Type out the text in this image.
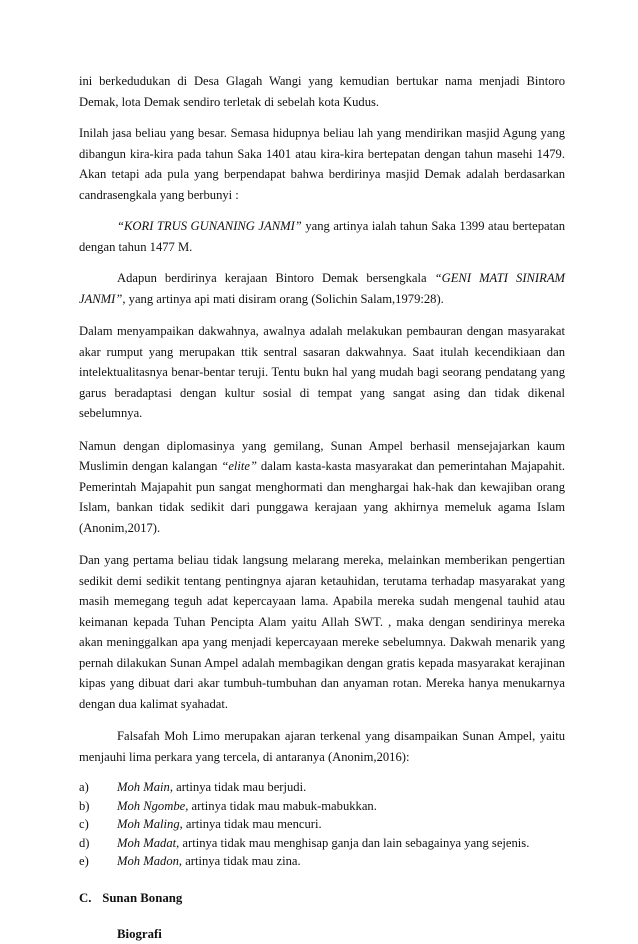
ini berkedudukan di Desa Glagah Wangi yang kemudian bertukar nama menjadi Bintoro Demak, lota Demak sendiro terletak di sebelah kota Kudus.

Inilah jasa beliau yang besar. Semasa hidupnya beliau lah yang mendirikan masjid Agung yang dibangun kira-kira pada tahun Saka 1401 atau kira-kira bertepatan dengan tahun masehi 1479. Akan tetapi ada pula yang berpendapat bahwa berdirinya masjid Demak adalah berdasarkan candrasengkala yang berbunyi :

“KORI TRUS GUNANING JANMI” yang artinya ialah tahun Saka 1399 atau bertepatan dengan tahun 1477 M.

Adapun berdirinya kerajaan Bintoro Demak bersengkala “GENI MATI SINIRAM JANMI”, yang artinya api mati disiram orang (Solichin Salam,1979:28).

Dalam menyampaikan dakwahnya, awalnya adalah melakukan pembauran dengan masyarakat akar rumput yang merupakan ttik sentral sasaran dakwahnya. Saat itulah kecendikiaan dan intelektualitasnya benar-bentar teruji. Tentu bukn hal yang mudah bagi seorang pendatang yang garus beradaptasi dengan kultur sosial di tempat yang sangat asing dan tidak dikenal sebelumnya.

Namun dengan diplomasinya yang gemilang, Sunan Ampel berhasil mensejajarkan kaum Muslimin dengan kalangan “elite” dalam kasta-kasta masyarakat dan pemerintahan Majapahit. Pemerintah Majapahit pun sangat menghormati dan menghargai hak-hak dan kewajiban orang Islam, bankan tidak sedikit dari punggawa kerajaan yang akhirnya memeluk agama Islam (Anonim,2017).

Dan yang pertama beliau tidak langsung melarang mereka, melainkan memberikan pengertian sedikit demi sedikit tentang pentingnya ajaran ketauhidan, terutama terhadap masyarakat yang masih memegang teguh adat kepercayaan lama. Apabila mereka sudah mengenal tauhid atau keimanan kepada Tuhan Pencipta Alam yaitu Allah SWT. , maka dengan sendirinya mereka akan meninggalkan apa yang menjadi kepercayaan mereke sebelumnya. Dakwah menarik yang pernah dilakukan Sunan Ampel adalah membagikan dengan gratis kepada masyarakat kerajinan kipas yang dibuat dari akar tumbuh-tumbuhan dan anyaman rotan. Mereka hanya menukarnya dengan dua kalimat syahadat.

Falsafah Moh Limo merupakan ajaran terkenal yang disampaikan Sunan Ampel, yaitu menjauhi lima perkara yang tercela, di antaranya (Anonim,2016):

a) Moh Main, artinya tidak mau berjudi.
b) Moh Ngombe, artinya tidak mau mabuk-mabukkan.
c) Moh Maling, artinya tidak mau mencuri.
d) Moh Madat, artinya tidak mau menghisap ganja dan lain sebagainya yang sejenis.
e) Moh Madon, artinya tidak mau zina.
C. Sunan Bonang
Biografi
